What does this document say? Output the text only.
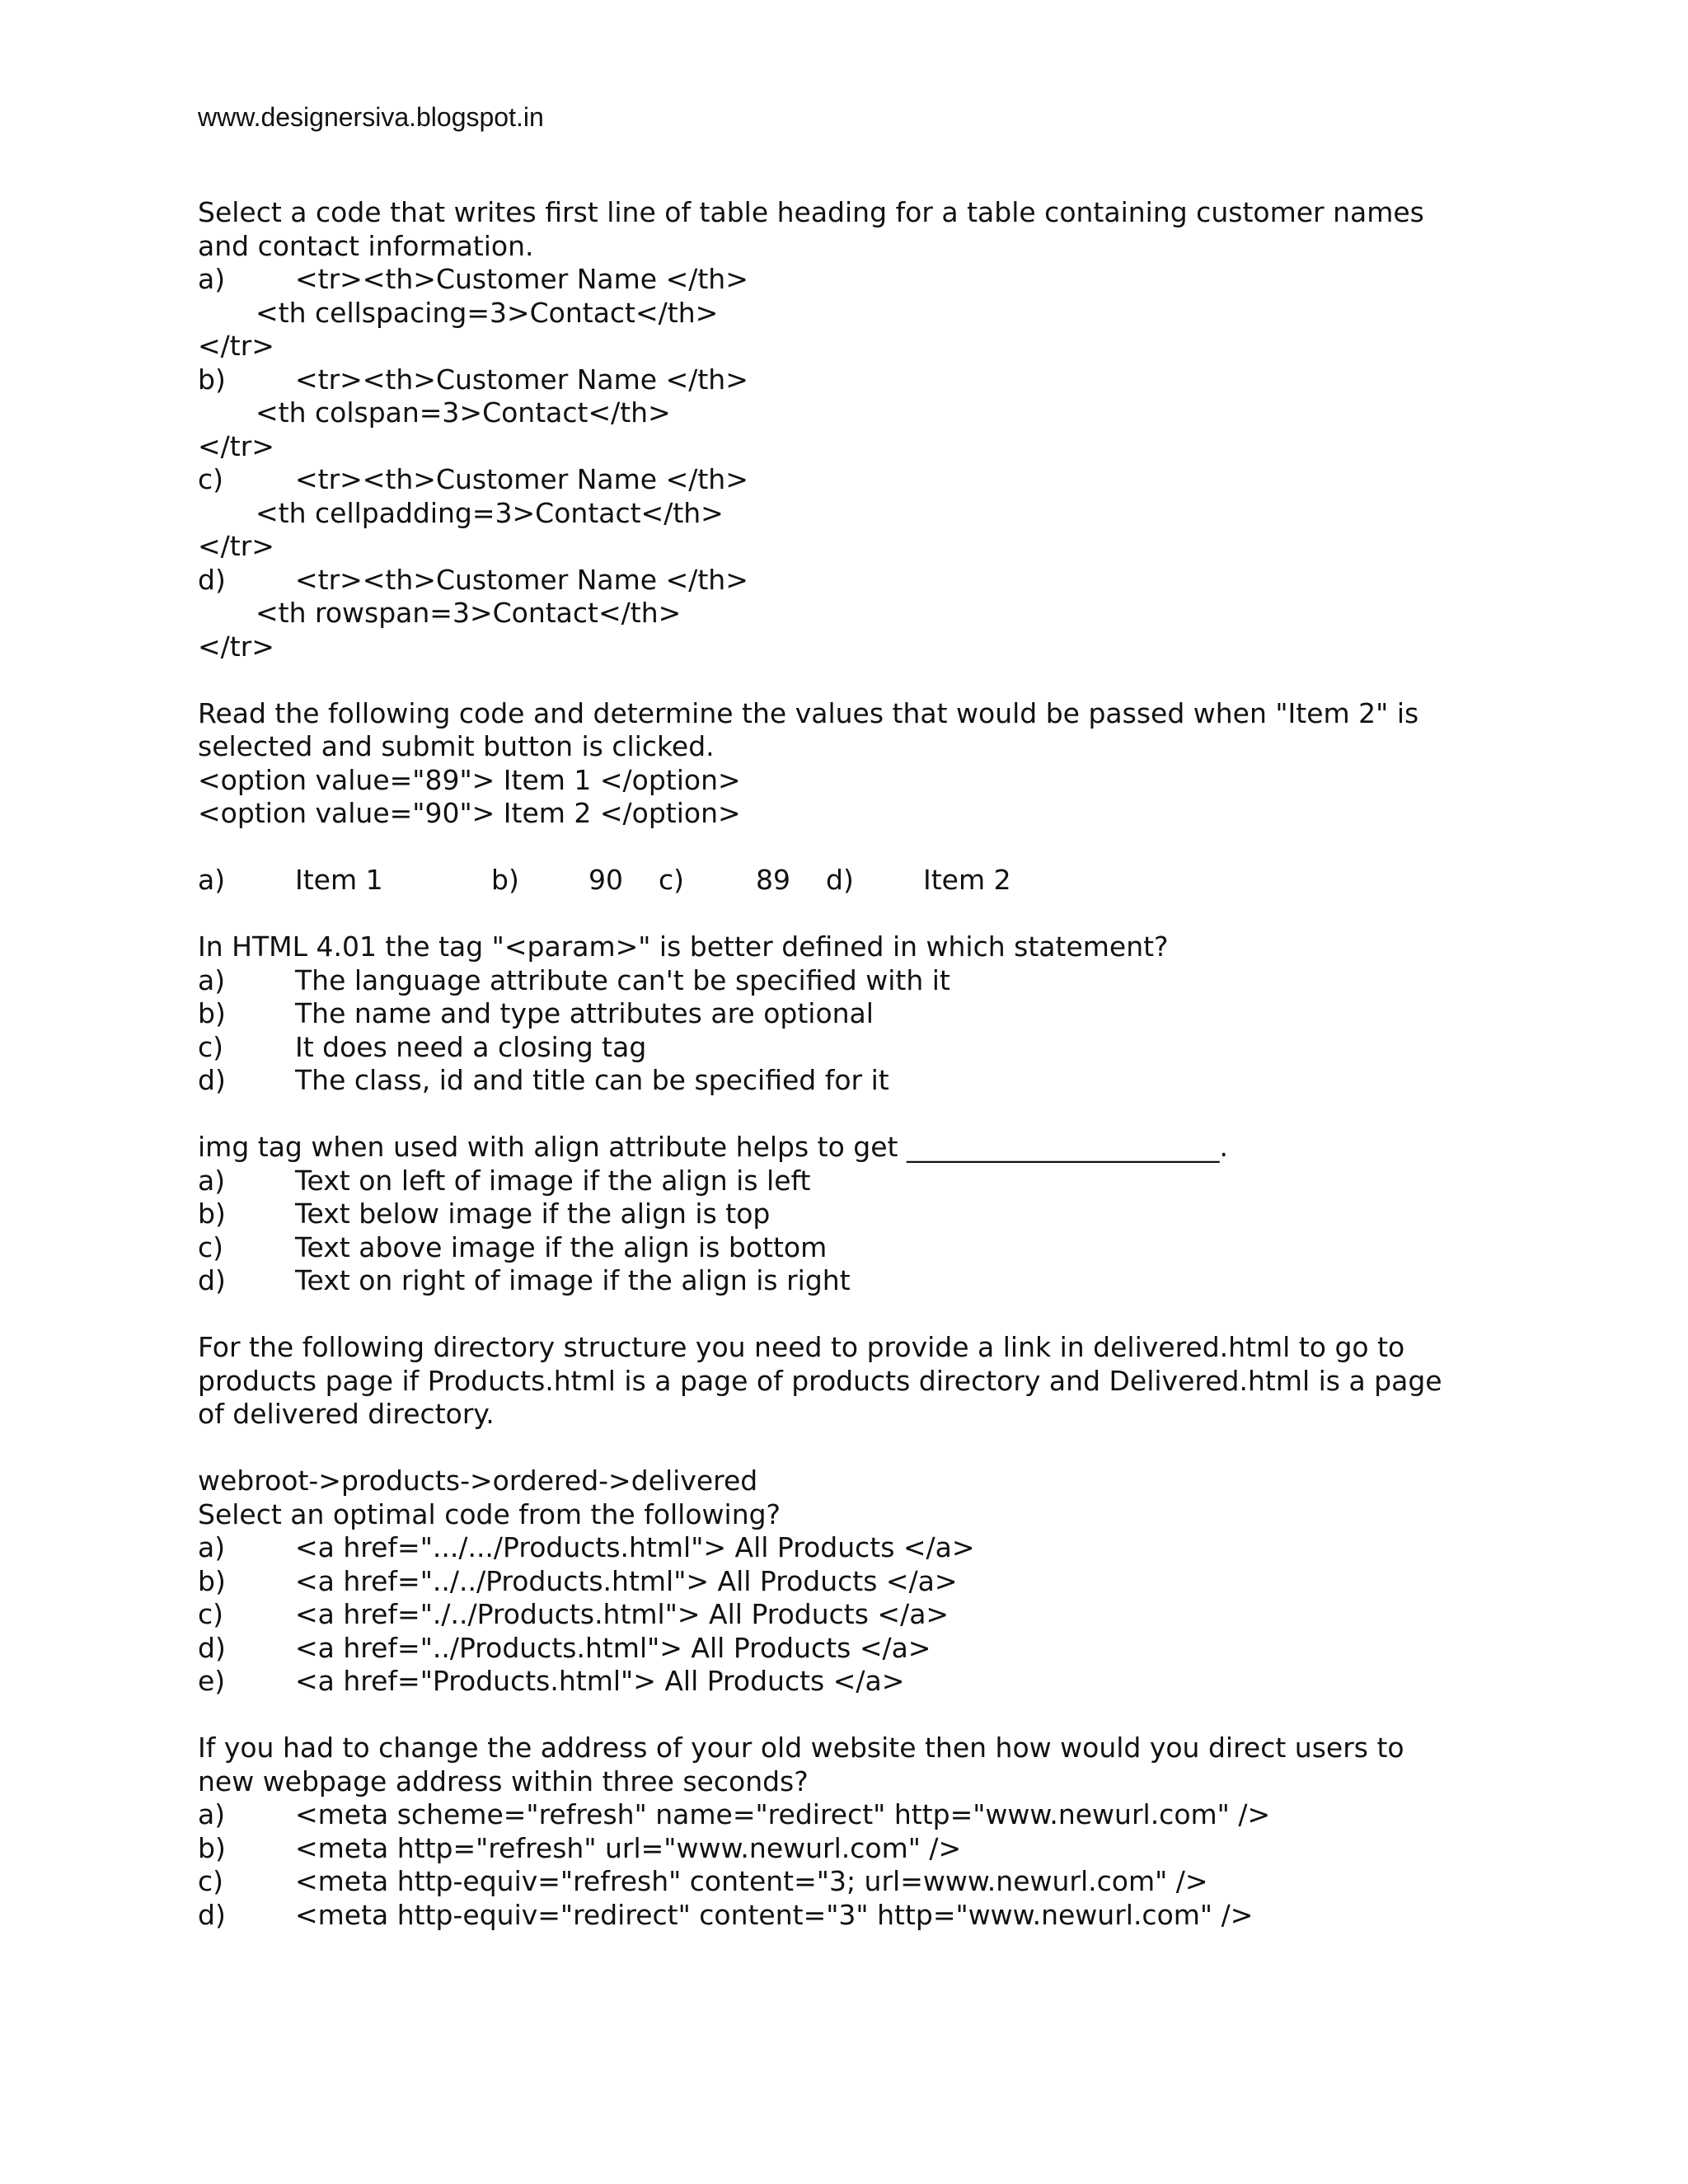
www.designersiva.blogspot.in
Select a code that writes first line of table heading for a table containing customer names
and contact information.
a)	<tr><th>Customer Name </th>
<th cellspacing=3>Contact</th>
</tr>
b)	<tr><th>Customer Name </th>
<th colspan=3>Contact</th>
</tr>
c)	<tr><th>Customer Name </th>
<th cellpadding=3>Contact</th>
</tr>
d)	<tr><th>Customer Name </th>
<th rowspan=3>Contact</th>
</tr>
Read the following code and determine the values that would be passed when "Item 2" is
selected and submit button is clicked.
<option value="89"> Item 1 </option>
<option value="90"> Item 2 </option>
a)	Item 1	b)	90	c)	89	d)	Item 2
In HTML 4.01 the tag "<param>" is better defined in which statement?
a)	The language attribute can't be specified with it
b)	The name and type attributes are optional
c)	It does need a closing tag
d)	The class, id and title can be specified for it
img tag when used with align attribute helps to get _______________________.
a)	Text on left of image if the align is left
b)	Text below image if the align is top
c)	Text above image if the align is bottom
d)	Text on right of image if the align is right
For the following directory structure you need to provide a link in delivered.html to go to
products page if Products.html is a page of products directory and Delivered.html is a page
of delivered directory.
webroot->products->ordered->delivered
Select an optimal code from the following?
a)	<a href=".../.../Products.html"> All Products </a>
b)	<a href="../../Products.html"> All Products </a>
c)	<a href="./../Products.html"> All Products </a>
d)	<a href="../Products.html"> All Products </a>
e)	<a href="Products.html"> All Products </a>
If you had to change the address of your old website then how would you direct users to
new webpage address within three seconds?
a)	<meta scheme="refresh" name="redirect" http="www.newurl.com" />
b)	<meta http="refresh" url="www.newurl.com" />
c)	<meta http-equiv="refresh" content="3; url=www.newurl.com" />
d)	<meta http-equiv="redirect" content="3" http="www.newurl.com" />
